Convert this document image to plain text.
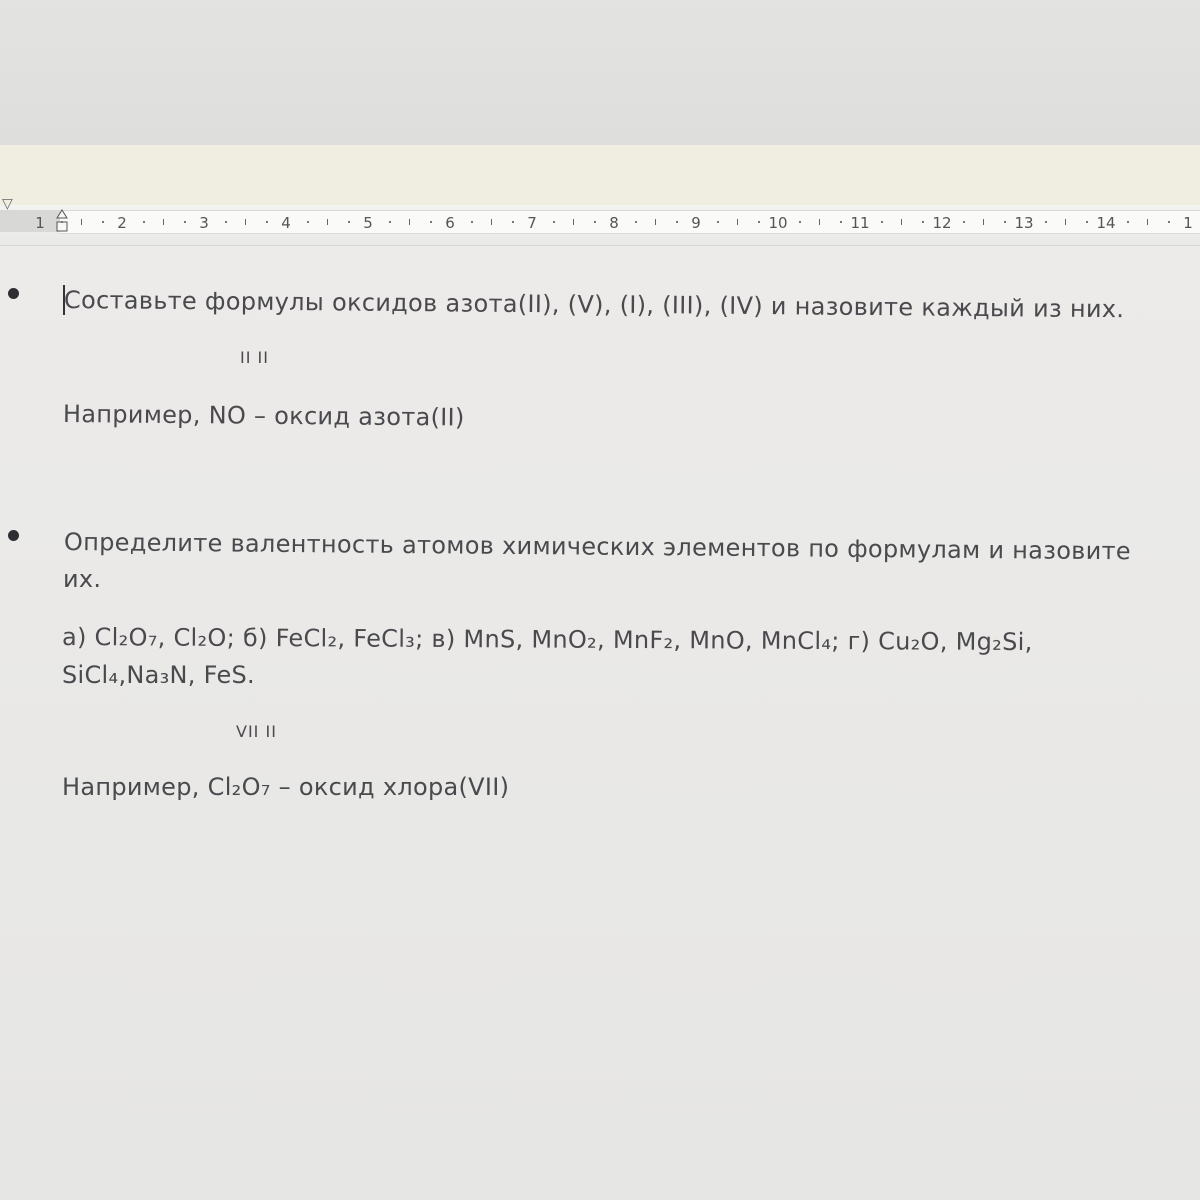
▽
1	2	3	4	5	6	7	8	9	10	11	12	13	14	1
Составьте формулы оксидов азота(II), (V), (I), (III), (IV) и назовите каждый из них.
II II
Например, NO – оксид азота(II)
Определите валентность атомов химических элементов по формулам и назовите
их.
а) Cl₂O₇, Cl₂O; б) FeCl₂, FeCl₃; в) MnS, MnO₂, MnF₂, MnO, MnCl₄; г) Cu₂O, Mg₂Si,
SiCl₄,Na₃N, FeS.
VII II
Например, Cl₂O₇ – оксид хлора(VII)
